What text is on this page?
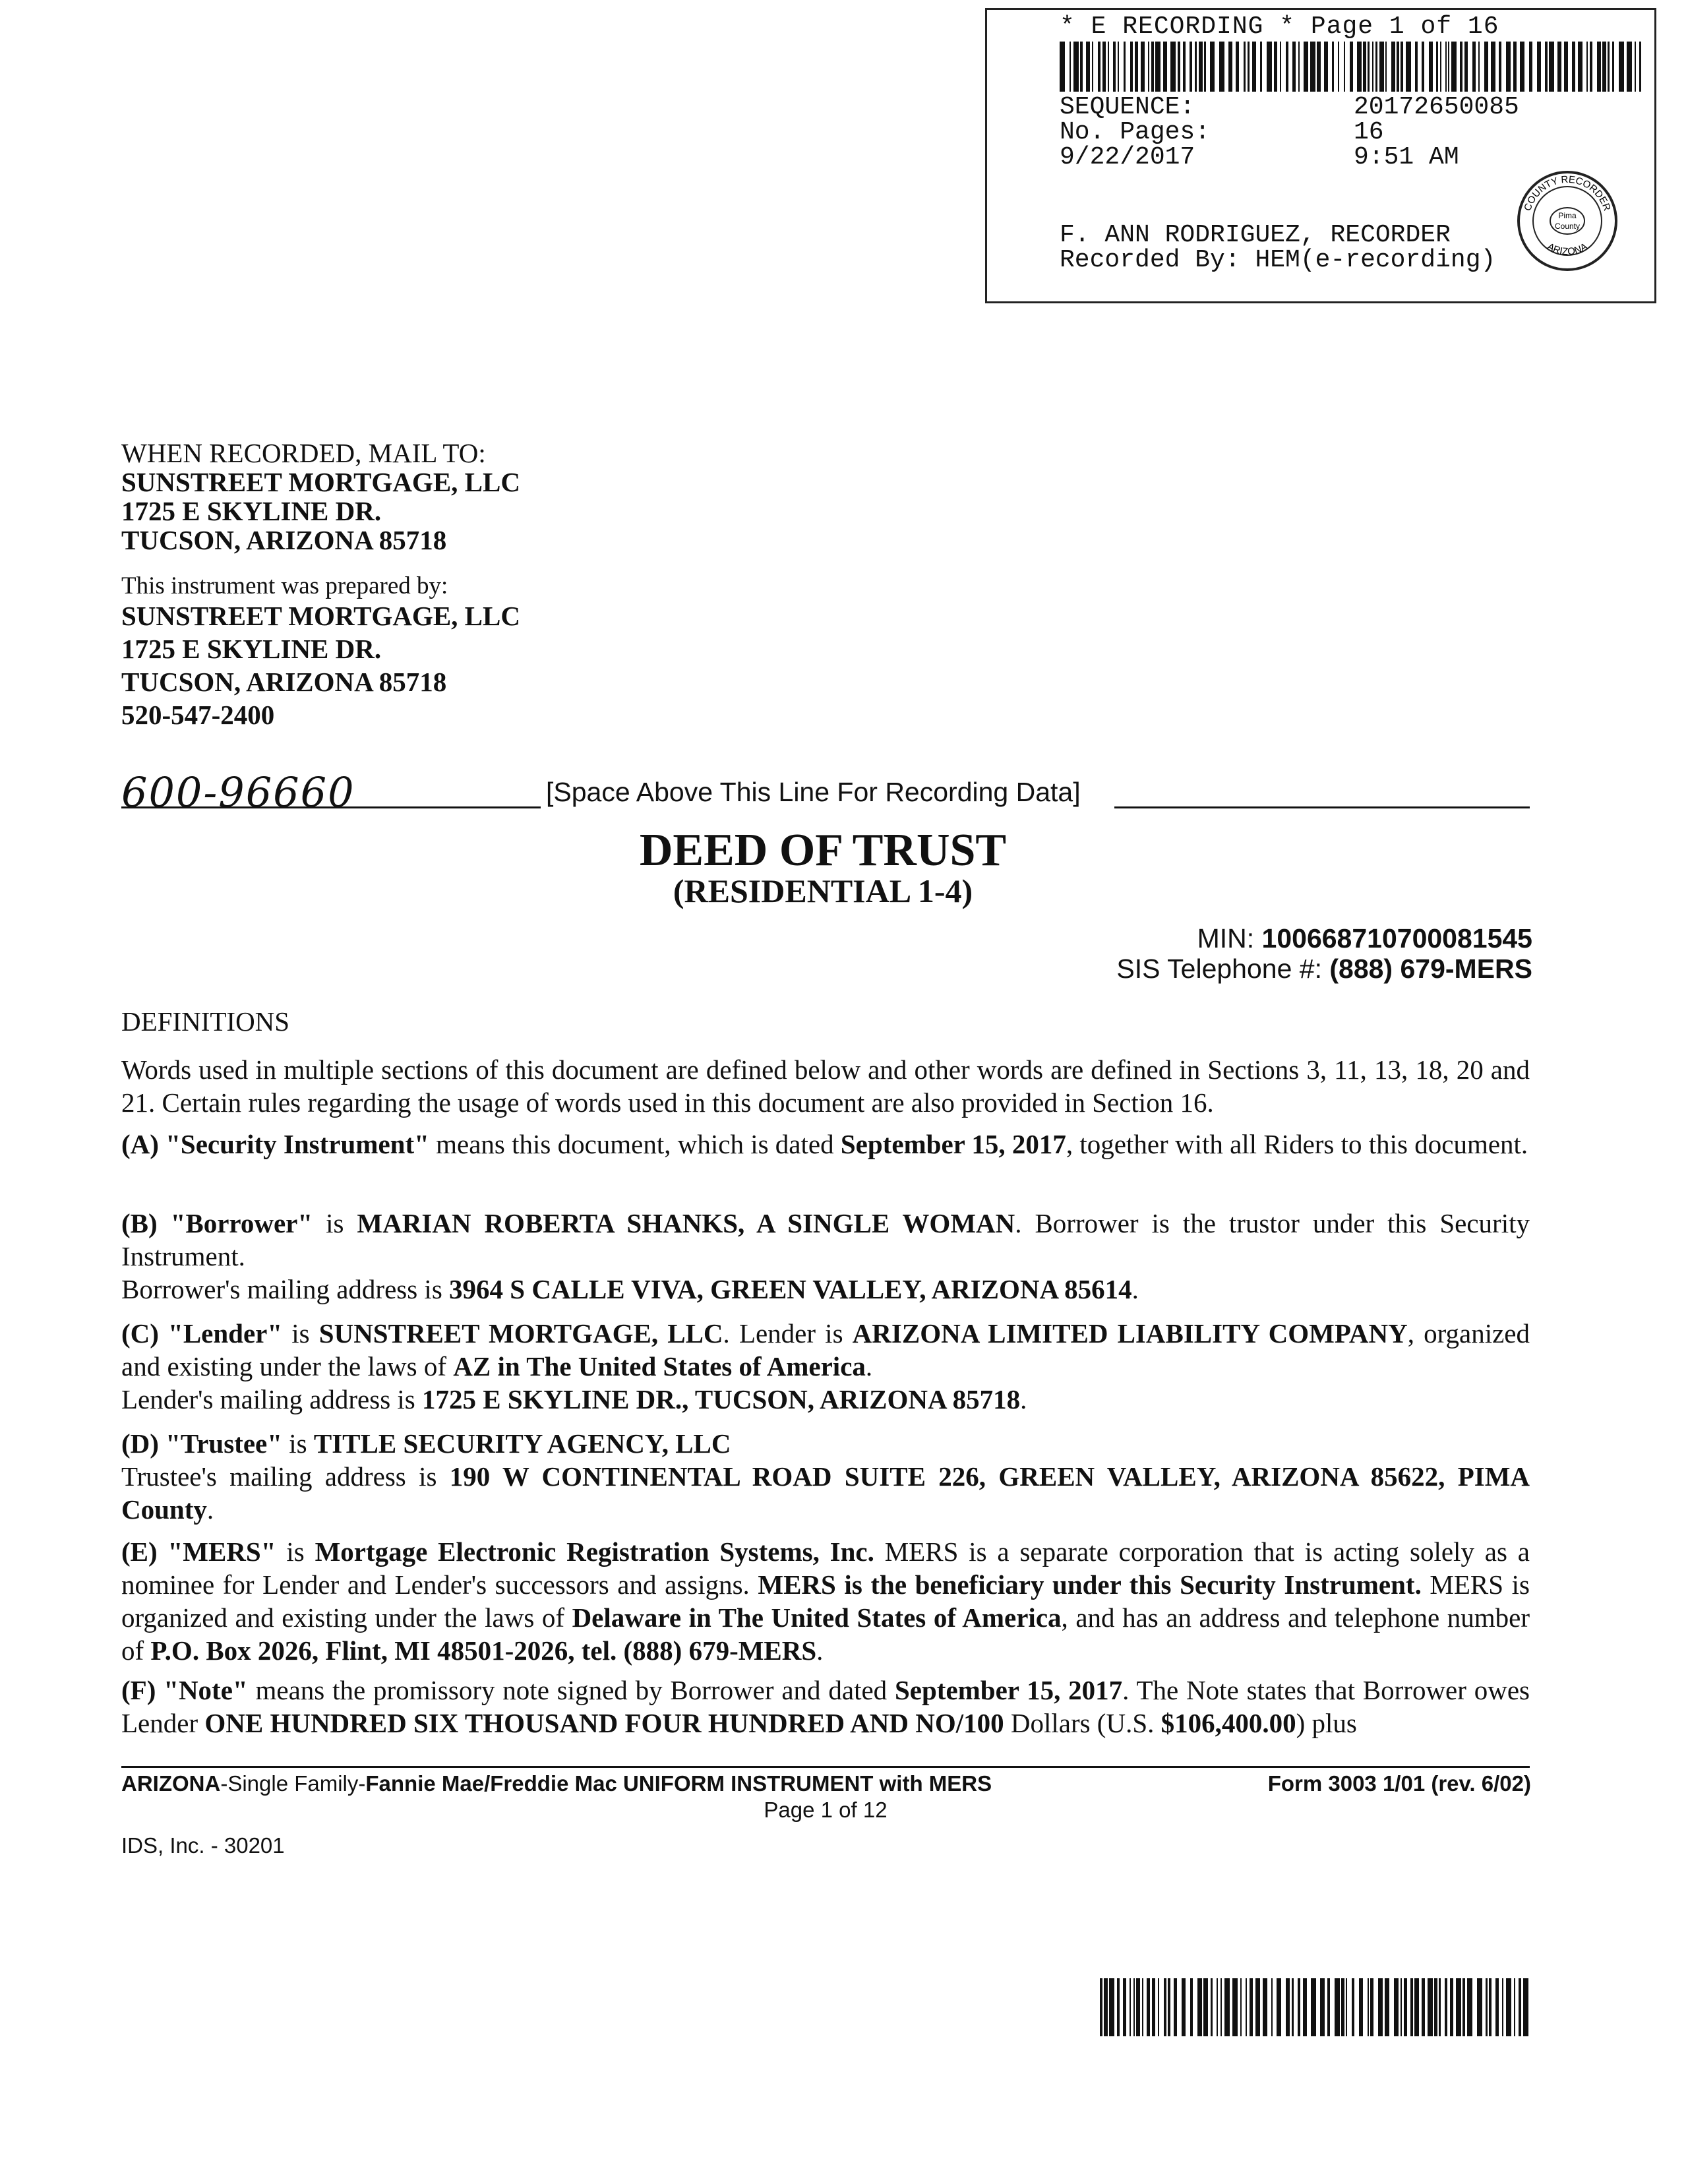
* E RECORDING * Page 1 of 16
SEQUENCE:	20172650085
No. Pages:	16
9/22/2017	9:51 AM
F. ANN RODRIGUEZ, RECORDER
Recorded By: HEM(e-recording)
Pima
County
COUNTY RECORDER
ARIZONA
WHEN RECORDED, MAIL TO:
SUNSTREET MORTGAGE, LLC
1725 E SKYLINE DR.
TUCSON, ARIZONA 85718
This instrument was prepared by:
SUNSTREET MORTGAGE, LLC
1725 E SKYLINE DR.
TUCSON, ARIZONA 85718
520-547-2400
600-96660	[Space Above This Line For Recording Data]
DEED OF TRUST
(RESIDENTIAL 1-4)
MIN: 100668710700081545
SIS Telephone #: (888) 679-MERS
DEFINITIONS
Words used in multiple sections of this document are defined below and other words are defined in Sections 3, 11, 13, 18, 20 and 21. Certain rules regarding the usage of words used in this document are also provided in Section 16.
(A) "Security Instrument" means this document, which is dated September 15, 2017, together with all Riders to this document.
(B) "Borrower" is MARIAN ROBERTA SHANKS, A SINGLE WOMAN. Borrower is the trustor under this Security Instrument.
Borrower's mailing address is 3964 S CALLE VIVA, GREEN VALLEY, ARIZONA 85614.
(C) "Lender" is SUNSTREET MORTGAGE, LLC. Lender is ARIZONA LIMITED LIABILITY COMPANY, organized and existing under the laws of AZ in The United States of America.
Lender's mailing address is 1725 E SKYLINE DR., TUCSON, ARIZONA 85718.
(D) "Trustee" is TITLE SECURITY AGENCY, LLC
Trustee's mailing address is 190 W CONTINENTAL ROAD SUITE 226, GREEN VALLEY, ARIZONA 85622, PIMA County.
(E) "MERS" is Mortgage Electronic Registration Systems, Inc. MERS is a separate corporation that is acting solely as a nominee for Lender and Lender's successors and assigns. MERS is the beneficiary under this Security Instrument. MERS is organized and existing under the laws of Delaware in The United States of America, and has an address and telephone number of P.O. Box 2026, Flint, MI 48501-2026, tel. (888) 679-MERS.
(F) "Note" means the promissory note signed by Borrower and dated September 15, 2017. The Note states that Borrower owes Lender ONE HUNDRED SIX THOUSAND FOUR HUNDRED AND NO/100 Dollars (U.S. $106,400.00) plus
ARIZONA-Single Family-Fannie Mae/Freddie Mac UNIFORM INSTRUMENT with MERS	Form 3003 1/01 (rev. 6/02)
Page 1 of 12
IDS, Inc. - 30201
